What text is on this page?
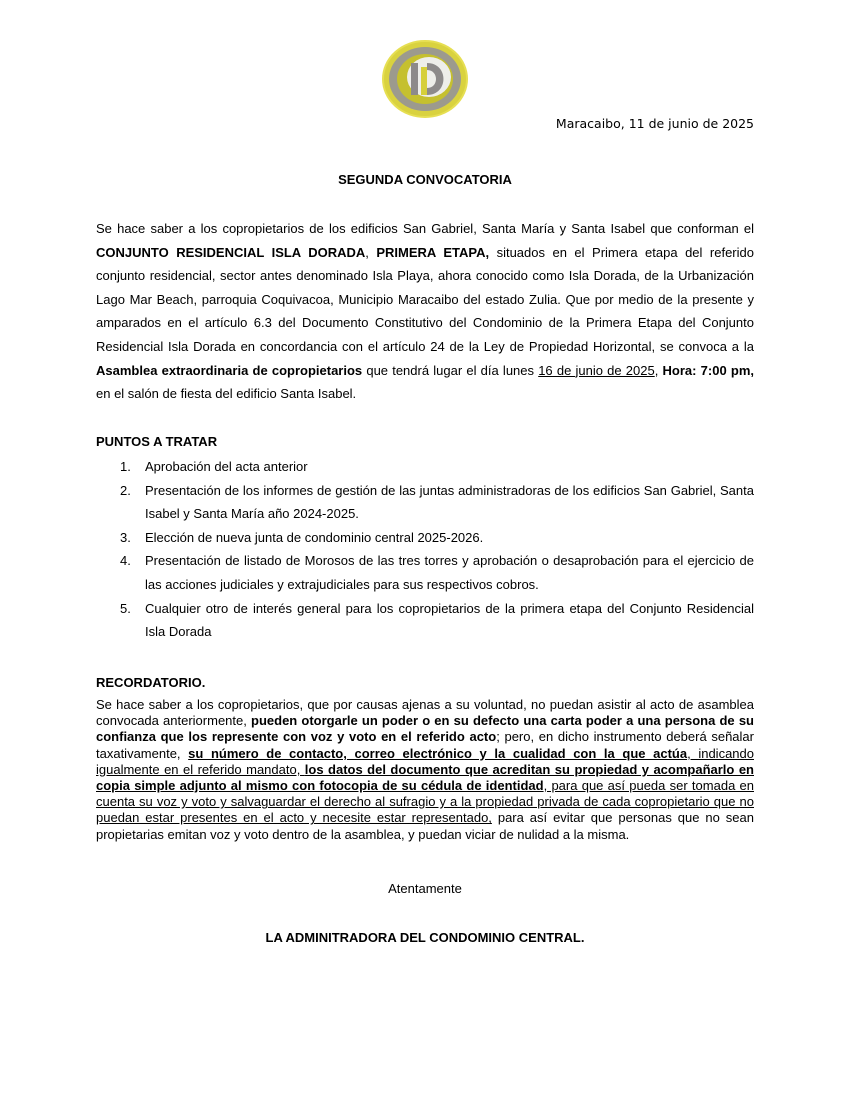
Maracaibo, 11 de junio de 2025
SEGUNDA CONVOCATORIA
Se hace saber a los copropietarios de los edificios San Gabriel, Santa María y Santa Isabel que conforman el CONJUNTO RESIDENCIAL ISLA DORADA, PRIMERA ETAPA, situados en el Primera etapa del referido conjunto residencial, sector antes denominado Isla Playa, ahora conocido como Isla Dorada, de la Urbanización Lago Mar Beach, parroquia Coquivacoa, Municipio Maracaibo del estado Zulia. Que por medio de la presente y amparados en el artículo 6.3 del Documento Constitutivo del Condominio de la Primera Etapa del Conjunto Residencial Isla Dorada en concordancia con el artículo 24 de la Ley de Propiedad Horizontal, se convoca a la Asamblea extraordinaria de copropietarios que tendrá lugar el día lunes 16 de junio de 2025, Hora: 7:00 pm, en el salón de fiesta del edificio Santa Isabel.
PUNTOS A TRATAR
1. Aprobación del acta anterior
2. Presentación de los informes de gestión de las juntas administradoras de los edificios San Gabriel, Santa Isabel y Santa María año 2024-2025.
3. Elección de nueva junta de condominio central 2025-2026.
4. Presentación de listado de Morosos de las tres torres y aprobación o desaprobación para el ejercicio de las acciones judiciales y extrajudiciales para sus respectivos cobros.
5. Cualquier otro de interés general para los copropietarios de la primera etapa del Conjunto Residencial Isla Dorada
RECORDATORIO.
Se hace saber a los copropietarios, que por causas ajenas a su voluntad, no puedan asistir al acto de asamblea convocada anteriormente, pueden otorgarle un poder o en su defecto una carta poder a una persona de su confianza que los represente con voz y voto en el referido acto; pero, en dicho instrumento deberá señalar taxativamente, su número de contacto, correo electrónico y la cualidad con la que actúa, indicando igualmente en el referido mandato, los datos del documento que acreditan su propiedad y acompañarlo en copia simple adjunto al mismo con fotocopia de su cédula de identidad, para que así pueda ser tomada en cuenta su voz y voto y salvaguardar el derecho al sufragio y a la propiedad privada de cada copropietario que no puedan estar presentes en el acto y necesite estar representado, para así evitar que personas que no sean propietarias emitan voz y voto dentro de la asamblea, y puedan viciar de nulidad a la misma.
Atentamente
LA ADMINITRADORA DEL CONDOMINIO CENTRAL.
